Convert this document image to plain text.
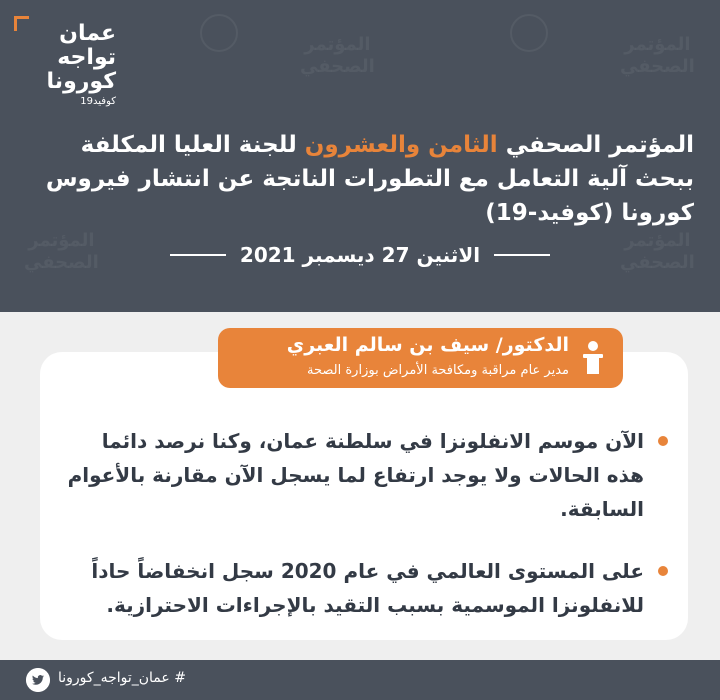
المؤتمر
الصحفي
المؤتمر
الصحفي
المؤتمر
الصحفي
المؤتمر
الصحفي
عمان
تواجه
كورونا
كوفيد19
المؤتمر الصحفي الثامن والعشرون للجنة العليا المكلفة ببحث آلية التعامل مع التطورات الناتجة عن انتشار فيروس كورونا (كوفيد-19)
الاثنين 27 ديسمبر 2021
الدكتور/ سيف بن سالم العبري
مدير عام مراقبة ومكافحة الأمراض بوزارة الصحة
الآن موسم الانفلونزا في سلطنة عمان، وكنا نرصد دائما هذه الحالات ولا يوجد ارتفاع لما يسجل الآن مقارنة بالأعوام السابقة.
على المستوى العالمي في عام 2020 سجل انخفاضاً حاداً للانفلونزا الموسمية بسبب التقيد بالإجراءات الاحترازية.
# عمان_تواجه_كورونا
